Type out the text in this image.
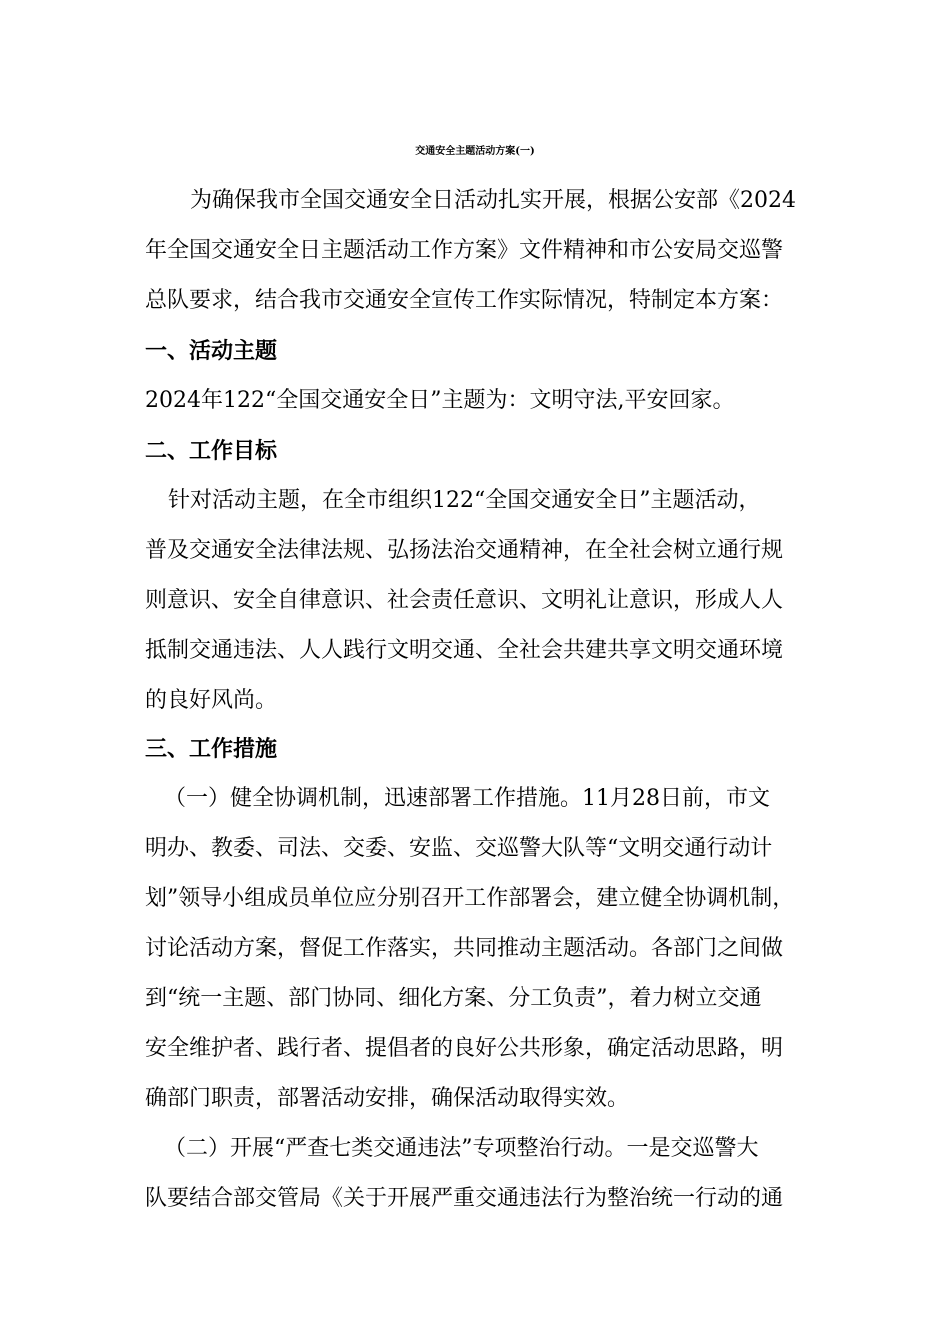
交通安全主题活动方案(一)
为确保我市全国交通安全日活动扎实开展，根据公安部《2024
年全国交通安全日主题活动工作方案》文件精神和市公安局交巡警
总队要求，结合我市交通安全宣传工作实际情况，特制定本方案：
一、活动主题
2024年122“全国交通安全日”主题为：文明守法,平安回家。
二、工作目标
针对活动主题，在全市组织122“全国交通安全日”主题活动，
普及交通安全法律法规、弘扬法治交通精神，在全社会树立通行规
则意识、安全自律意识、社会责任意识、文明礼让意识，形成人人
抵制交通违法、人人践行文明交通、全社会共建共享文明交通环境
的良好风尚。
三、工作措施
（一）健全协调机制，迅速部署工作措施。11月28日前，市文
明办、教委、司法、交委、安监、交巡警大队等“文明交通行动计
划”领导小组成员单位应分别召开工作部署会，建立健全协调机制，
讨论活动方案，督促工作落实，共同推动主题活动。各部门之间做
到“统一主题、部门协同、细化方案、分工负责”，着力树立交通
安全维护者、践行者、提倡者的良好公共形象，确定活动思路，明
确部门职责，部署活动安排，确保活动取得实效。
（二）开展“严查七类交通违法”专项整治行动。一是交巡警大
队要结合部交管局《关于开展严重交通违法行为整治统一行动的通
